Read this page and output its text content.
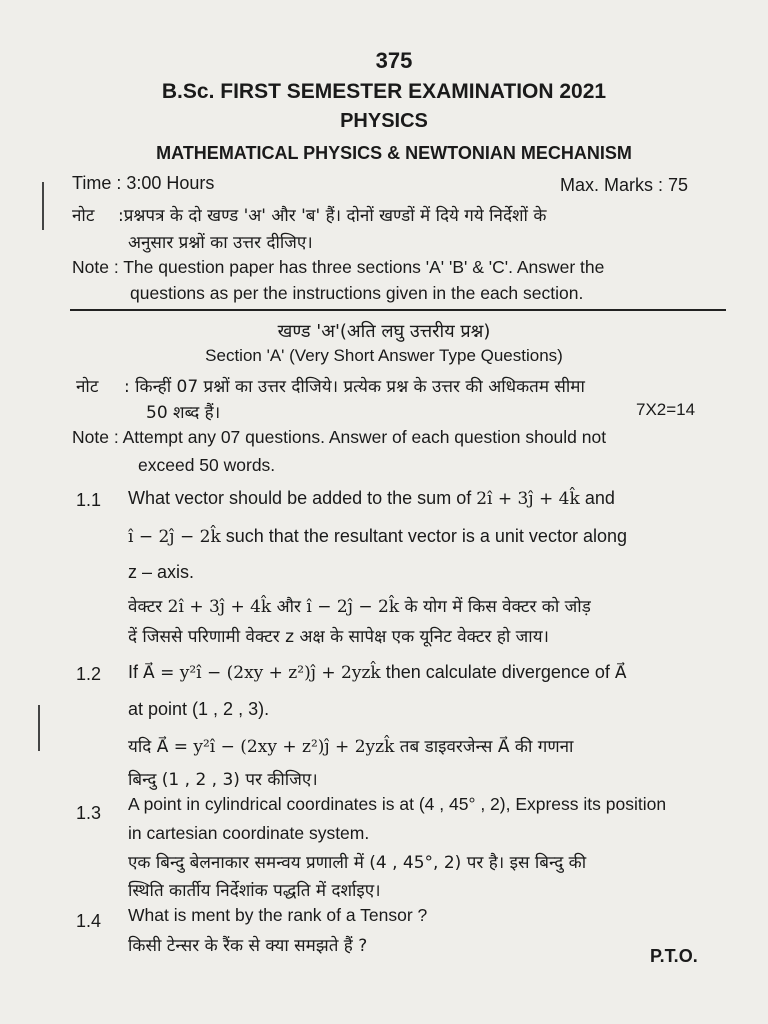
375
B.Sc. FIRST SEMESTER EXAMINATION 2021
PHYSICS
MATHEMATICAL PHYSICS & NEWTONIAN MECHANISM
Time : 3:00 Hours	Max. Marks : 75
नोट :प्रश्नपत्र के दो खण्ड 'अ' और 'ब' हैं। दोनों खण्डों में दिये गये निर्देशों के
अनुसार प्रश्नों का उत्तर दीजिए।
Note : The question paper has three sections 'A' 'B' & 'C'. Answer the
questions as per the instructions given in the each section.
खण्ड 'अ'(अति लघु उत्तरीय प्रश्न)
Section 'A' (Very Short Answer Type Questions)
नोट : किन्हीं 07 प्रश्नों का उत्तर दीजिये। प्रत्येक प्रश्न के उत्तर की अधिकतम सीमा
50 शब्द हैं।	7X2=14
Note : Attempt any 07 questions. Answer of each question should not
exceed 50 words.
1.1 What vector should be added to the sum of 2î + 3ĵ + 4k̂ and
î − 2ĵ − 2k̂ such that the resultant vector is a unit vector along
z – axis.
वेक्टर 2î + 3ĵ + 4k̂ और î − 2ĵ − 2k̂ के योग में किस वेक्टर को जोड़
दें जिससे परिणामी वेक्टर z अक्ष के सापेक्ष एक यूनिट वेक्टर हो जाय।
1.2 If A⃗ = y²î − (2xy + z²)ĵ + 2yzk̂ then calculate divergence of A⃗
at point (1 , 2 , 3).
यदि A⃗ = y²î − (2xy + z²)ĵ + 2yzk̂ तब डाइवरजेन्स A⃗ की गणना
बिन्दु (1 , 2 , 3) पर कीजिए।
1.3 A point in cylindrical coordinates is at (4 , 45° , 2), Express its position
in cartesian coordinate system.
एक बिन्दु बेलनाकार समन्वय प्रणाली में (4 , 45°, 2) पर है। इस बिन्दु की
स्थिति कार्तीय निर्देशांक पद्धति में दर्शाइए।
1.4 What is ment by the rank of a Tensor ?
किसी टेन्सर के रैंक से क्या समझते हैं ?	P.T.O.
